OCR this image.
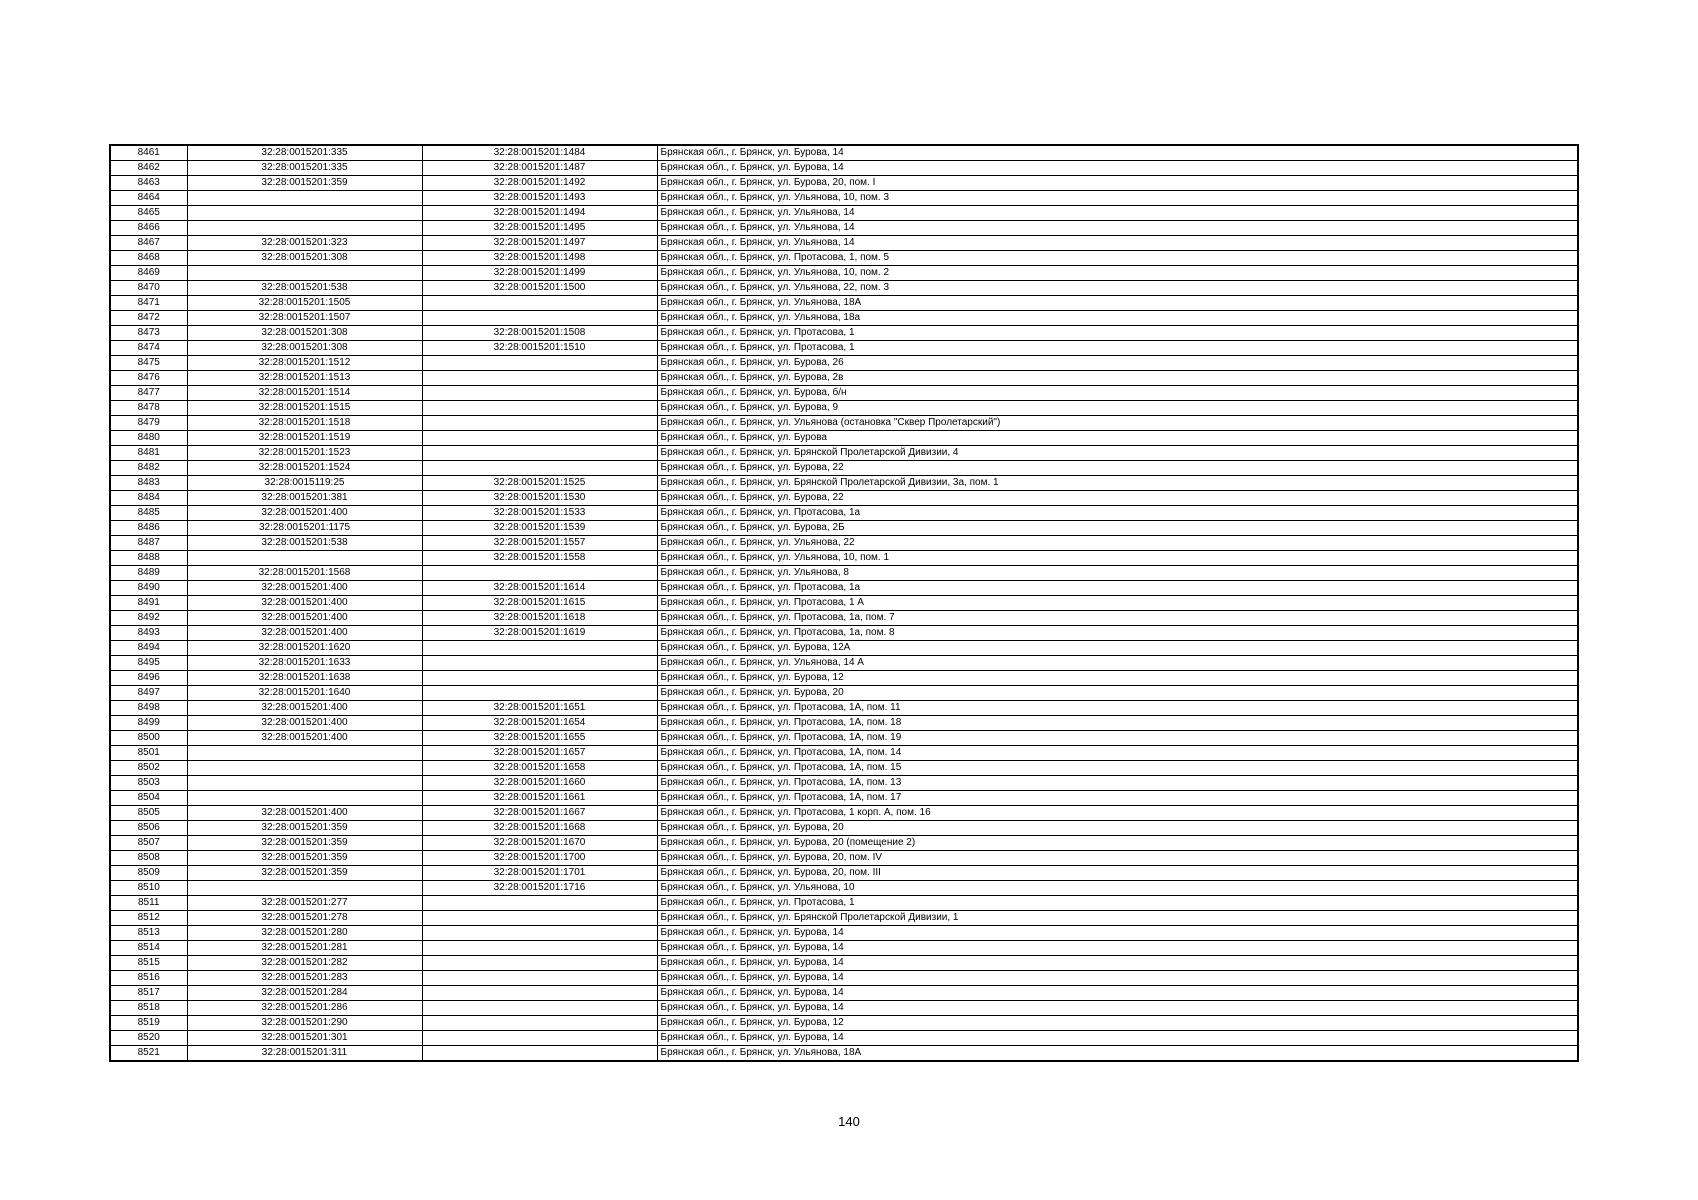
8461	32:28:0015201:335	32:28:0015201:1484	Брянская обл., г. Брянск, ул. Бурова, 14
8462	32:28:0015201:335	32:28:0015201:1487	Брянская обл., г. Брянск, ул. Бурова, 14
8463	32:28:0015201:359	32:28:0015201:1492	Брянская обл., г. Брянск, ул. Бурова, 20, пом. I
8464		32:28:0015201:1493	Брянская обл., г. Брянск, ул. Ульянова, 10, пом. 3
8465		32:28:0015201:1494	Брянская обл., г. Брянск, ул. Ульянова, 14
8466		32:28:0015201:1495	Брянская обл., г. Брянск, ул. Ульянова, 14
8467	32:28:0015201:323	32:28:0015201:1497	Брянская обл., г. Брянск, ул. Ульянова, 14
8468	32:28:0015201:308	32:28:0015201:1498	Брянская обл., г. Брянск, ул. Протасова, 1, пом. 5
8469		32:28:0015201:1499	Брянская обл., г. Брянск, ул. Ульянова, 10, пом. 2
8470	32:28:0015201:538	32:28:0015201:1500	Брянская обл., г. Брянск, ул. Ульянова, 22, пом. 3
8471	32:28:0015201:1505		Брянская обл., г. Брянск, ул. Ульянова, 18А
8472	32:28:0015201:1507		Брянская обл., г. Брянск, ул. Ульянова, 18а
8473	32:28:0015201:308	32:28:0015201:1508	Брянская обл., г. Брянск, ул. Протасова, 1
8474	32:28:0015201:308	32:28:0015201:1510	Брянская обл., г. Брянск, ул. Протасова, 1
8475	32:28:0015201:1512		Брянская обл., г. Брянск, ул. Бурова, 26
8476	32:28:0015201:1513		Брянская обл., г. Брянск, ул. Бурова, 2в
8477	32:28:0015201:1514		Брянская обл., г. Брянск, ул. Бурова, б/н
8478	32:28:0015201:1515		Брянская обл., г. Брянск, ул. Бурова, 9
8479	32:28:0015201:1518		Брянская обл., г. Брянск, ул. Ульянова (остановка "Сквер Пролетарский")
8480	32:28:0015201:1519		Брянская обл., г. Брянск, ул. Бурова
8481	32:28:0015201:1523		Брянская обл., г. Брянск, ул. Брянской Пролетарской Дивизии, 4
8482	32:28:0015201:1524		Брянская обл., г. Брянск, ул. Бурова, 22
8483	32:28:0015119:25	32:28:0015201:1525	Брянская обл., г. Брянск, ул. Брянской Пролетарской Дивизии, 3а, пом. 1
8484	32:28:0015201:381	32:28:0015201:1530	Брянская обл., г. Брянск, ул. Бурова, 22
8485	32:28:0015201:400	32:28:0015201:1533	Брянская обл., г. Брянск, ул. Протасова, 1а
8486	32:28:0015201:1175	32:28:0015201:1539	Брянская обл., г. Брянск, ул. Бурова, 2Б
8487	32:28:0015201:538	32:28:0015201:1557	Брянская обл., г. Брянск, ул. Ульянова, 22
8488		32:28:0015201:1558	Брянская обл., г. Брянск, ул. Ульянова, 10, пом. 1
8489	32:28:0015201:1568		Брянская обл., г. Брянск, ул. Ульянова, 8
8490	32:28:0015201:400	32:28:0015201:1614	Брянская обл., г. Брянск, ул. Протасова, 1а
8491	32:28:0015201:400	32:28:0015201:1615	Брянская обл., г. Брянск, ул. Протасова, 1 А
8492	32:28:0015201:400	32:28:0015201:1618	Брянская обл., г. Брянск, ул. Протасова, 1а, пом. 7
8493	32:28:0015201:400	32:28:0015201:1619	Брянская обл., г. Брянск, ул. Протасова, 1а, пом. 8
8494	32:28:0015201:1620		Брянская обл., г. Брянск, ул. Бурова, 12А
8495	32:28:0015201:1633		Брянская обл., г. Брянск, ул. Ульянова, 14 А
8496	32:28:0015201:1638		Брянская обл., г. Брянск, ул. Бурова, 12
8497	32:28:0015201:1640		Брянская обл., г. Брянск, ул. Бурова, 20
8498	32:28:0015201:400	32:28:0015201:1651	Брянская обл., г. Брянск, ул. Протасова, 1А, пом. 11
8499	32:28:0015201:400	32:28:0015201:1654	Брянская обл., г. Брянск, ул. Протасова, 1А, пом. 18
8500	32:28:0015201:400	32:28:0015201:1655	Брянская обл., г. Брянск, ул. Протасова, 1А, пом. 19
8501		32:28:0015201:1657	Брянская обл., г. Брянск, ул. Протасова, 1А, пом. 14
8502		32:28:0015201:1658	Брянская обл., г. Брянск, ул. Протасова, 1А, пом. 15
8503		32:28:0015201:1660	Брянская обл., г. Брянск, ул. Протасова, 1А, пом. 13
8504		32:28:0015201:1661	Брянская обл., г. Брянск, ул. Протасова, 1А, пом. 17
8505	32:28:0015201:400	32:28:0015201:1667	Брянская обл., г. Брянск, ул. Протасова, 1 корп. А, пом. 16
8506	32:28:0015201:359	32:28:0015201:1668	Брянская обл., г. Брянск, ул. Бурова, 20
8507	32:28:0015201:359	32:28:0015201:1670	Брянская обл., г. Брянск, ул. Бурова, 20 (помещение 2)
8508	32:28:0015201:359	32:28:0015201:1700	Брянская обл., г. Брянск, ул. Бурова, 20, пом. IV
8509	32:28:0015201:359	32:28:0015201:1701	Брянская обл., г. Брянск, ул. Бурова, 20, пом. III
8510		32:28:0015201:1716	Брянская обл., г. Брянск, ул. Ульянова, 10
8511	32:28:0015201:277		Брянская обл., г. Брянск, ул. Протасова, 1
8512	32:28:0015201:278		Брянская обл., г. Брянск, ул. Брянской Пролетарской Дивизии, 1
8513	32:28:0015201:280		Брянская обл., г. Брянск, ул. Бурова, 14
8514	32:28:0015201:281		Брянская обл., г. Брянск, ул. Бурова, 14
8515	32:28:0015201:282		Брянская обл., г. Брянск, ул. Бурова, 14
8516	32:28:0015201:283		Брянская обл., г. Брянск, ул. Бурова, 14
8517	32:28:0015201:284		Брянская обл., г. Брянск, ул. Бурова, 14
8518	32:28:0015201:286		Брянская обл., г. Брянск, ул. Бурова, 14
8519	32:28:0015201:290		Брянская обл., г. Брянск, ул. Бурова, 12
8520	32:28:0015201:301		Брянская обл., г. Брянск, ул. Бурова, 14
8521	32:28:0015201:311		Брянская обл., г. Брянск, ул. Ульянова, 18А
140
